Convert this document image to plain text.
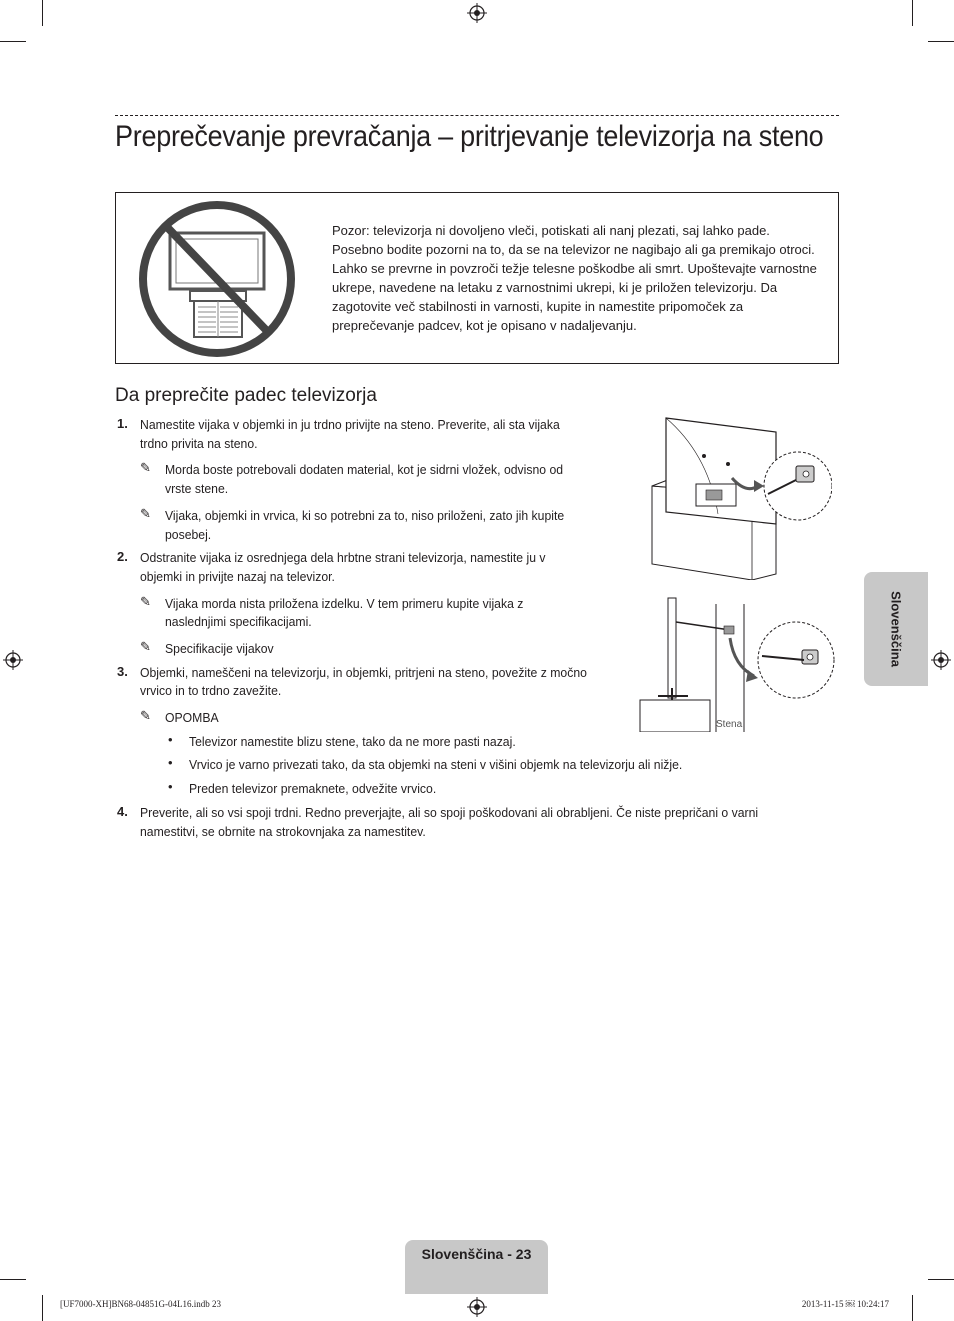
Preprečevanje prevračanja – pritrjevanje televizorja na steno
Pozor: televizorja ni dovoljeno vleči, potiskati ali nanj plezati, saj lahko pade. Posebno bodite pozorni na to, da se na televizor ne nagibajo ali ga premikajo otroci. Lahko se prevrne in povzroči težje telesne poškodbe ali smrt. Upoštevajte varnostne ukrepe, navedene na letaku z varnostnimi ukrepi, ki je priložen televizorju. Da zagotovite več stabilnosti in varnosti, kupite in namestite pripomoček za preprečevanje padcev, kot je opisano v nadaljevanju.
Da preprečite padec televizorja
1. Namestite vijaka v objemki in ju trdno privijte na steno. Preverite, ali sta vijaka
trdno privita na steno.
✎ Morda boste potrebovali dodaten material, kot je sidrni vložek, odvisno od
vrste stene.
✎ Vijaka, objemki in vrvica, ki so potrebni za to, niso priloženi, zato jih kupite
posebej.
2. Odstranite vijaka iz osrednjega dela hrbtne strani televizorja, namestite ju v
objemki in privijte nazaj na televizor.
✎ Vijaka morda nista priložena izdelku. V tem primeru kupite vijaka z
naslednjimi specifikacijami.
✎ Specifikacije vijakov
3. Objemki, nameščeni na televizorju, in objemki, pritrjeni na steno, povežite z močno
vrvico in to trdno zavežite.
✎ OPOMBA
• Televizor namestite blizu stene, tako da ne more pasti nazaj.
• Vrvico je varno privezati tako, da sta objemki na steni v višini objemk na televizorju ali nižje.
• Preden televizor premaknete, odvežite vrvico.
4. Preverite, ali so vsi spoji trdni. Redno preverjajte, ali so spoji poškodovani ali obrabljeni. Če niste prepričani o varni
namestitvi, se obrnite na strokovnjaka za namestitev.
Stena
Slovenščina
Slovenščina - 23
[UF7000-XH]BN68-04851G-04L16.indb 23	2013-11-15 ￼ 10:24:17
